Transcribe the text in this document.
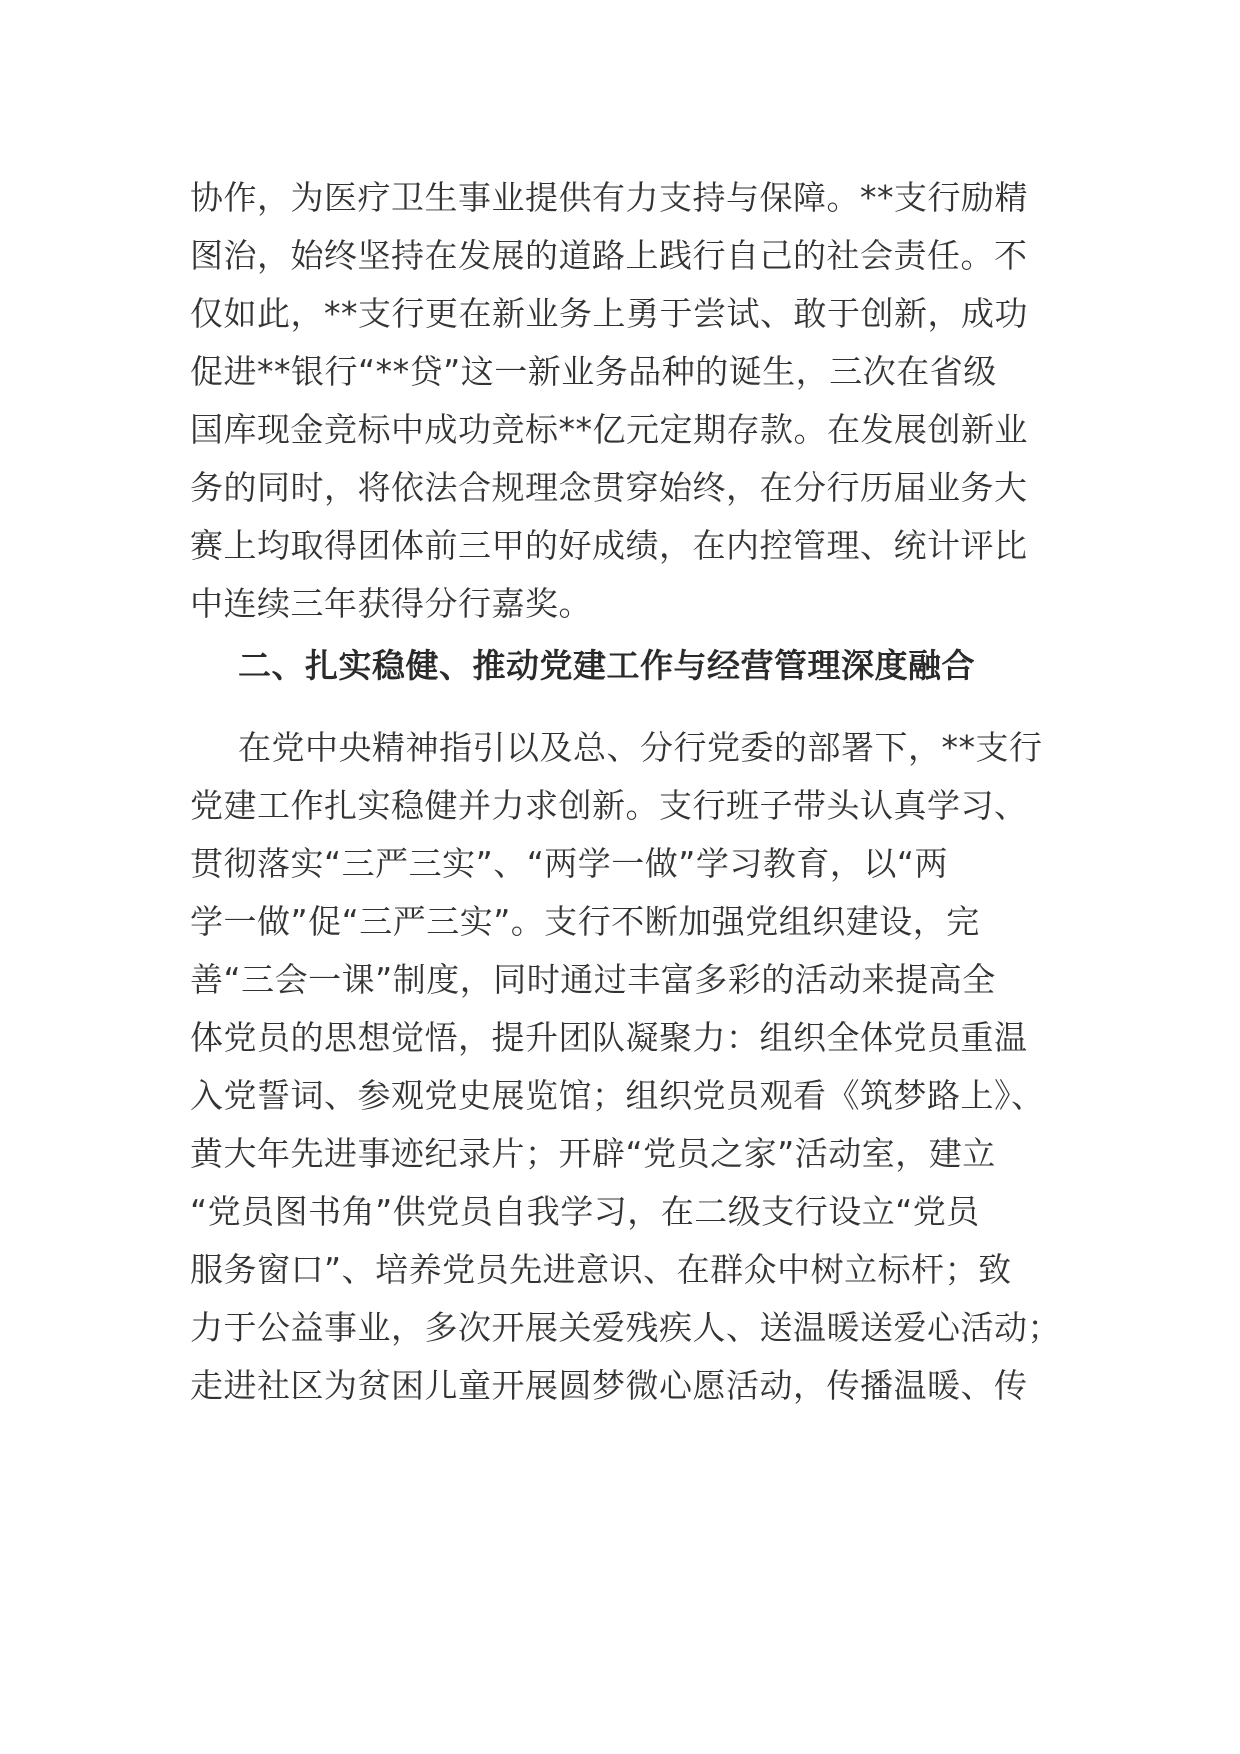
协作，为医疗卫生事业提供有力支持与保障。**支行励精

图治，始终坚持在发展的道路上践行自己的社会责任。不

仅如此，**支行更在新业务上勇于尝试、敢于创新，成功

促进**银行“**贷”这一新业务品种的诞生，三次在省级

国库现金竞标中成功竞标**亿元定期存款。在发展创新业

务的同时，将依法合规理念贯穿始终，在分行历届业务大

赛上均取得团体前三甲的好成绩，在内控管理、统计评比

中连续三年获得分行嘉奖。

二、扎实稳健、推动党建工作与经营管理深度融合

在党中央精神指引以及总、分行党委的部署下，**支行

党建工作扎实稳健并力求创新。支行班子带头认真学习、

贯彻落实“三严三实”、“两学一做”学习教育，以“两

学一做”促“三严三实”。支行不断加强党组织建设，完

善“三会一课”制度，同时通过丰富多彩的活动来提高全

体党员的思想觉悟，提升团队凝聚力：组织全体党员重温

入党誓词、参观党史展览馆；组织党员观看《筑梦路上》、

黄大年先进事迹纪录片；开辟“党员之家”活动室，建立

“党员图书角”供党员自我学习，在二级支行设立“党员

服务窗口”、培养党员先进意识、在群众中树立标杆；致

力于公益事业，多次开展关爱残疾人、送温暖送爱心活动；

走进社区为贫困儿童开展圆梦微心愿活动，传播温暖、传
